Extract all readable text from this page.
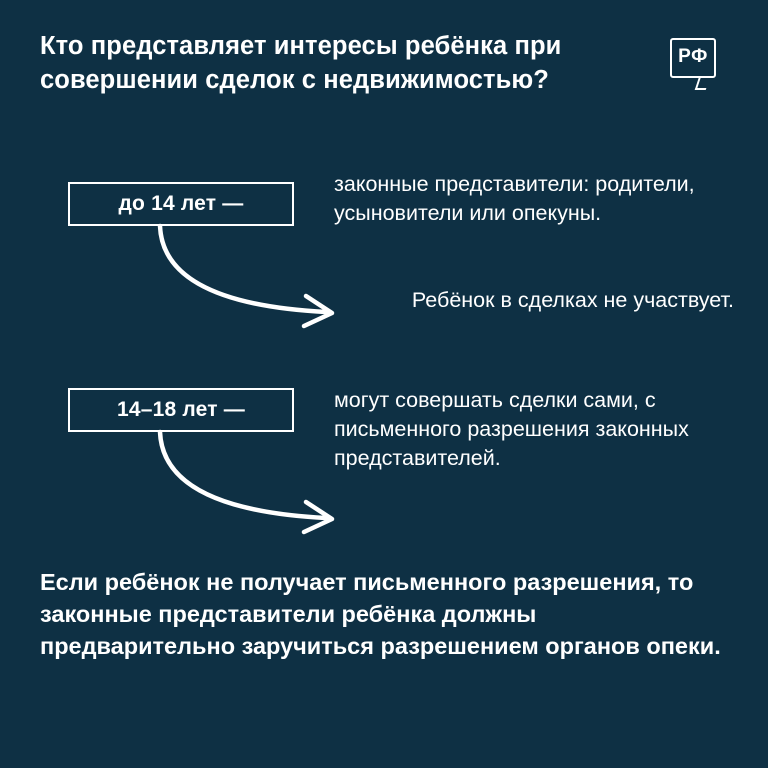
Кто представляет интересы ребёнка при совершении сделок с недвижимостью?
РФ
до 14 лет —
законные представители: родители, усыновители или опекуны.
Ребёнок в сделках не участвует.
14–18 лет —	могут совершать сделки сами, с письменного разрешения законных представителей.
Если ребёнок не получает письменного разрешения, то законные представители ребёнка должны предварительно заручиться разрешением органов опеки.
